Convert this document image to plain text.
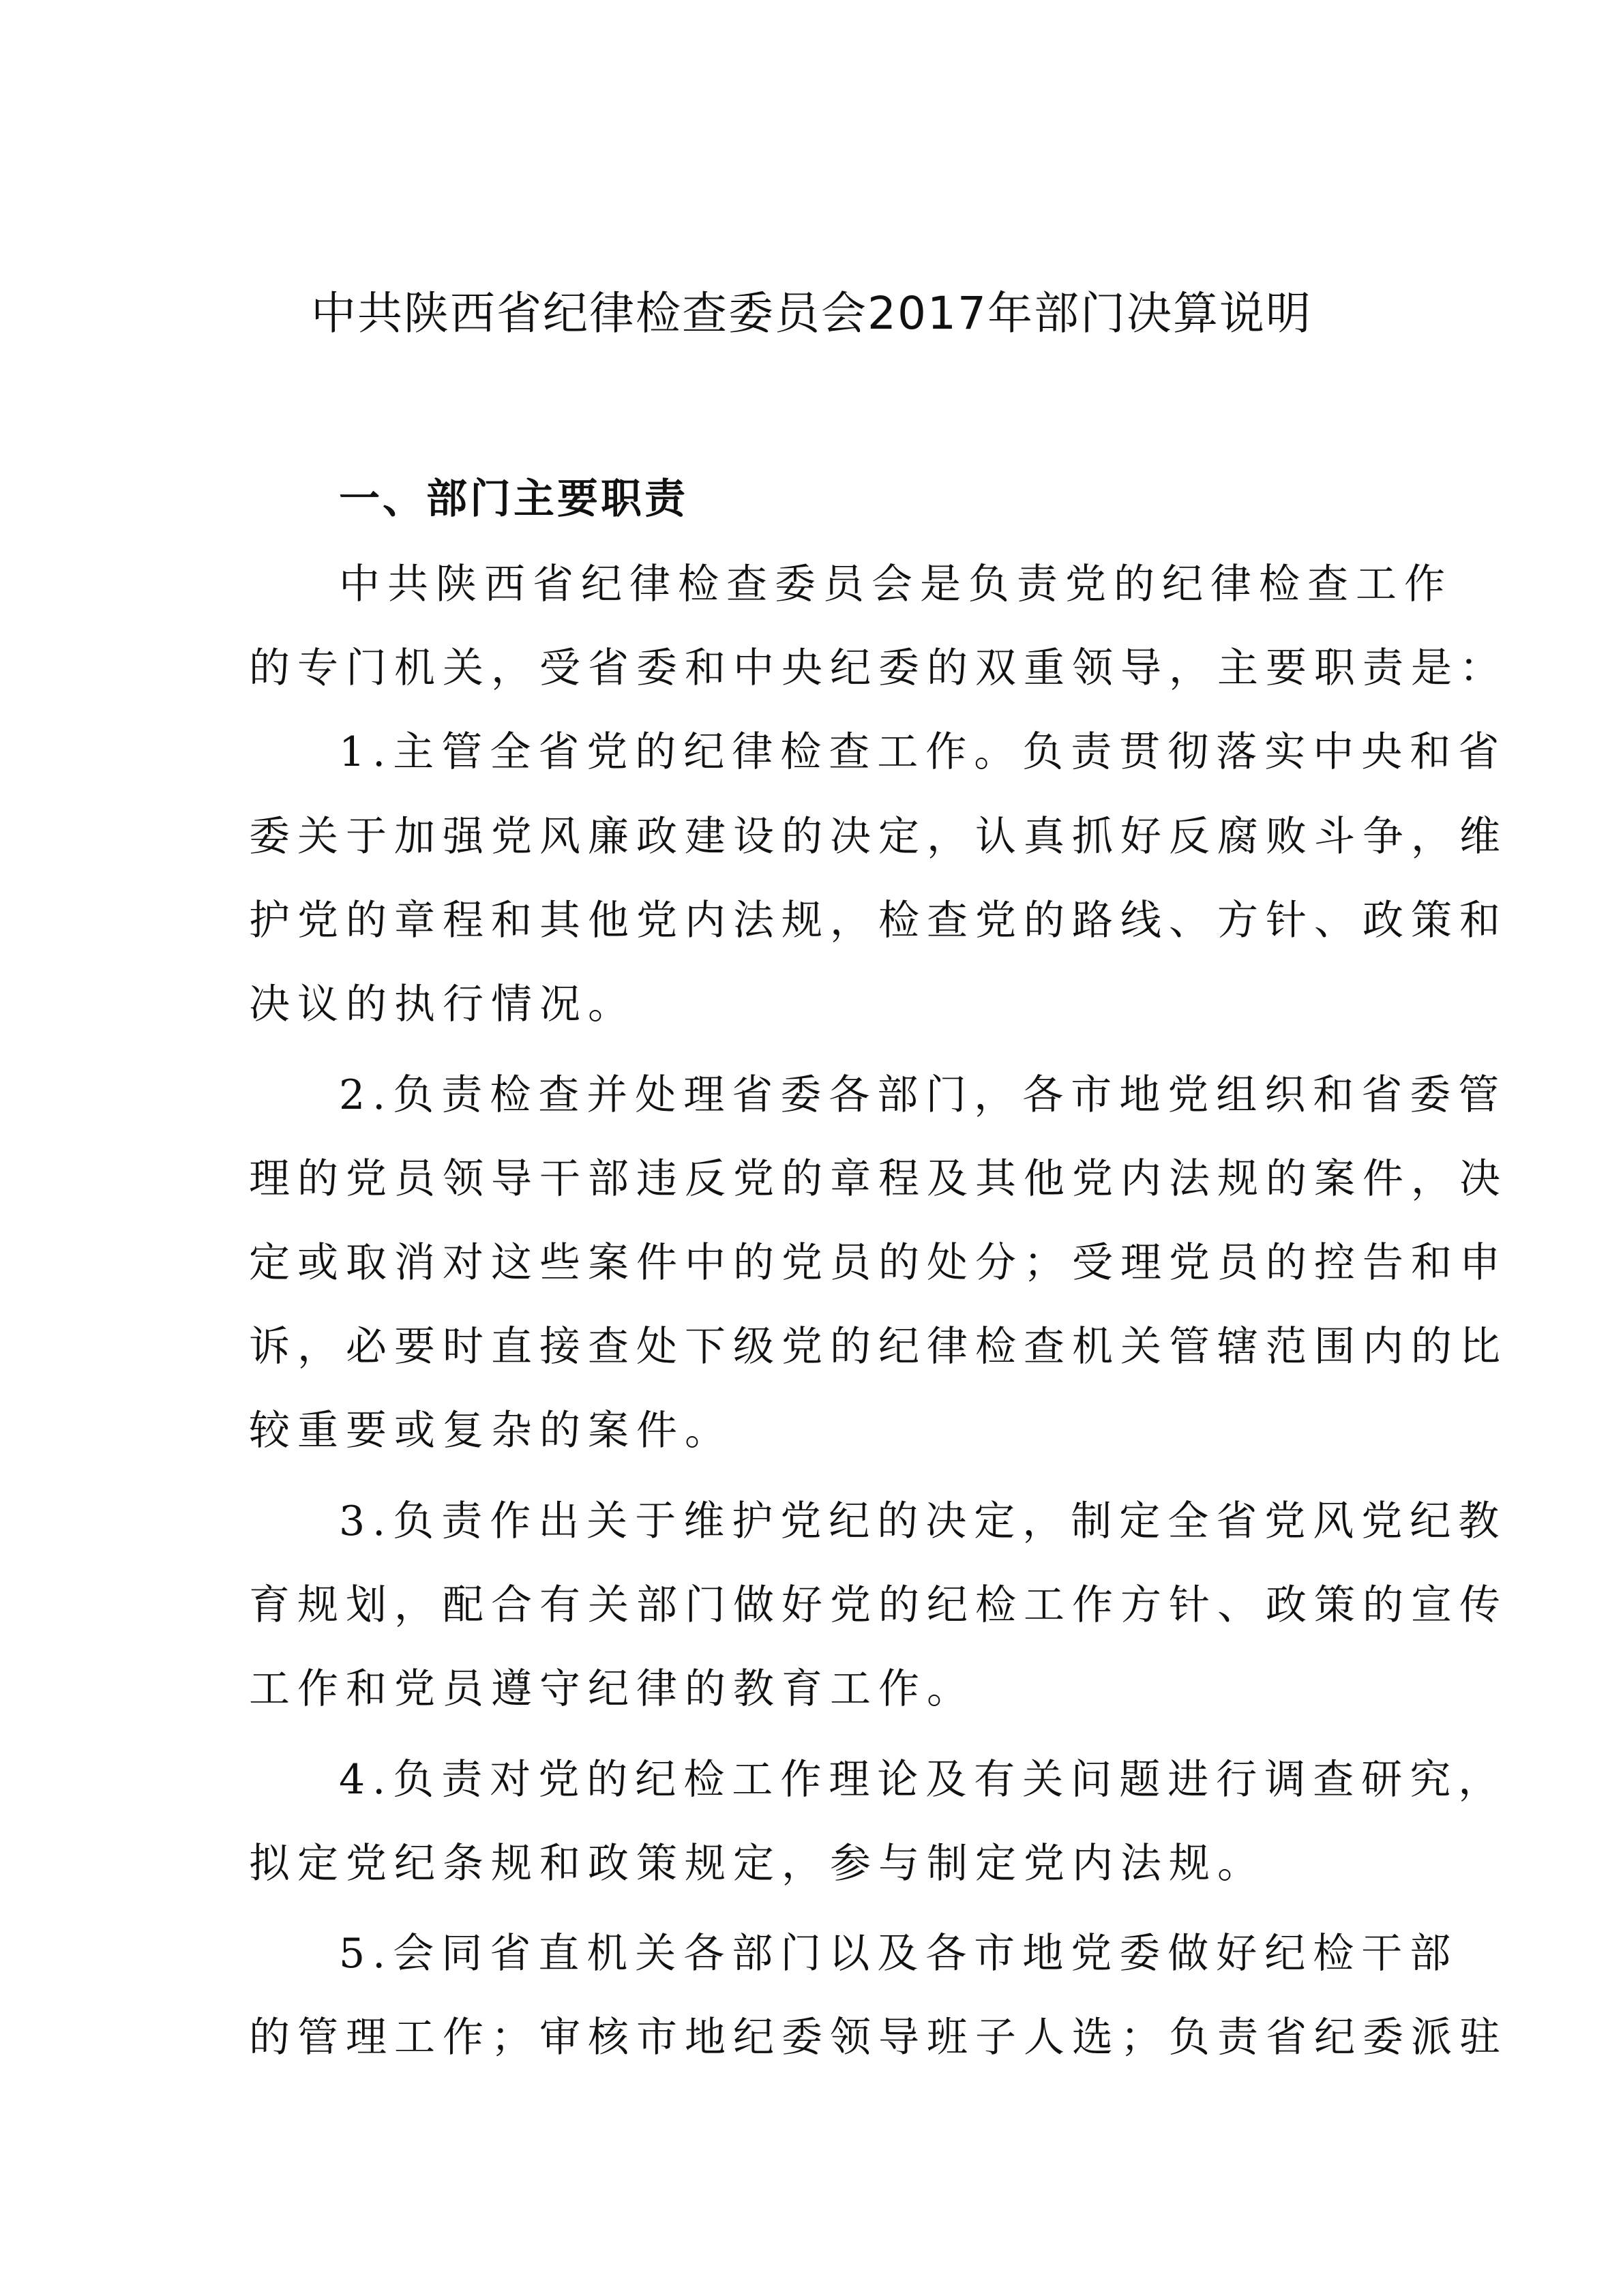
中共陕西省纪律检查委员会2017年部门决算说明
一、部门主要职责
中共陕西省纪律检查委员会是负责党的纪律检查工作
的专门机关，受省委和中央纪委的双重领导，主要职责是：
1.主管全省党的纪律检查工作。负责贯彻落实中央和省
委关于加强党风廉政建设的决定，认真抓好反腐败斗争，维
护党的章程和其他党内法规，检查党的路线、方针、政策和
决议的执行情况。
2.负责检查并处理省委各部门，各市地党组织和省委管
理的党员领导干部违反党的章程及其他党内法规的案件，决
定或取消对这些案件中的党员的处分；受理党员的控告和申
诉，必要时直接查处下级党的纪律检查机关管辖范围内的比
较重要或复杂的案件。
3.负责作出关于维护党纪的决定，制定全省党风党纪教
育规划，配合有关部门做好党的纪检工作方针、政策的宣传
工作和党员遵守纪律的教育工作。
4.负责对党的纪检工作理论及有关问题进行调查研究，
拟定党纪条规和政策规定，参与制定党内法规。
5.会同省直机关各部门以及各市地党委做好纪检干部
的管理工作；审核市地纪委领导班子人选；负责省纪委派驻
